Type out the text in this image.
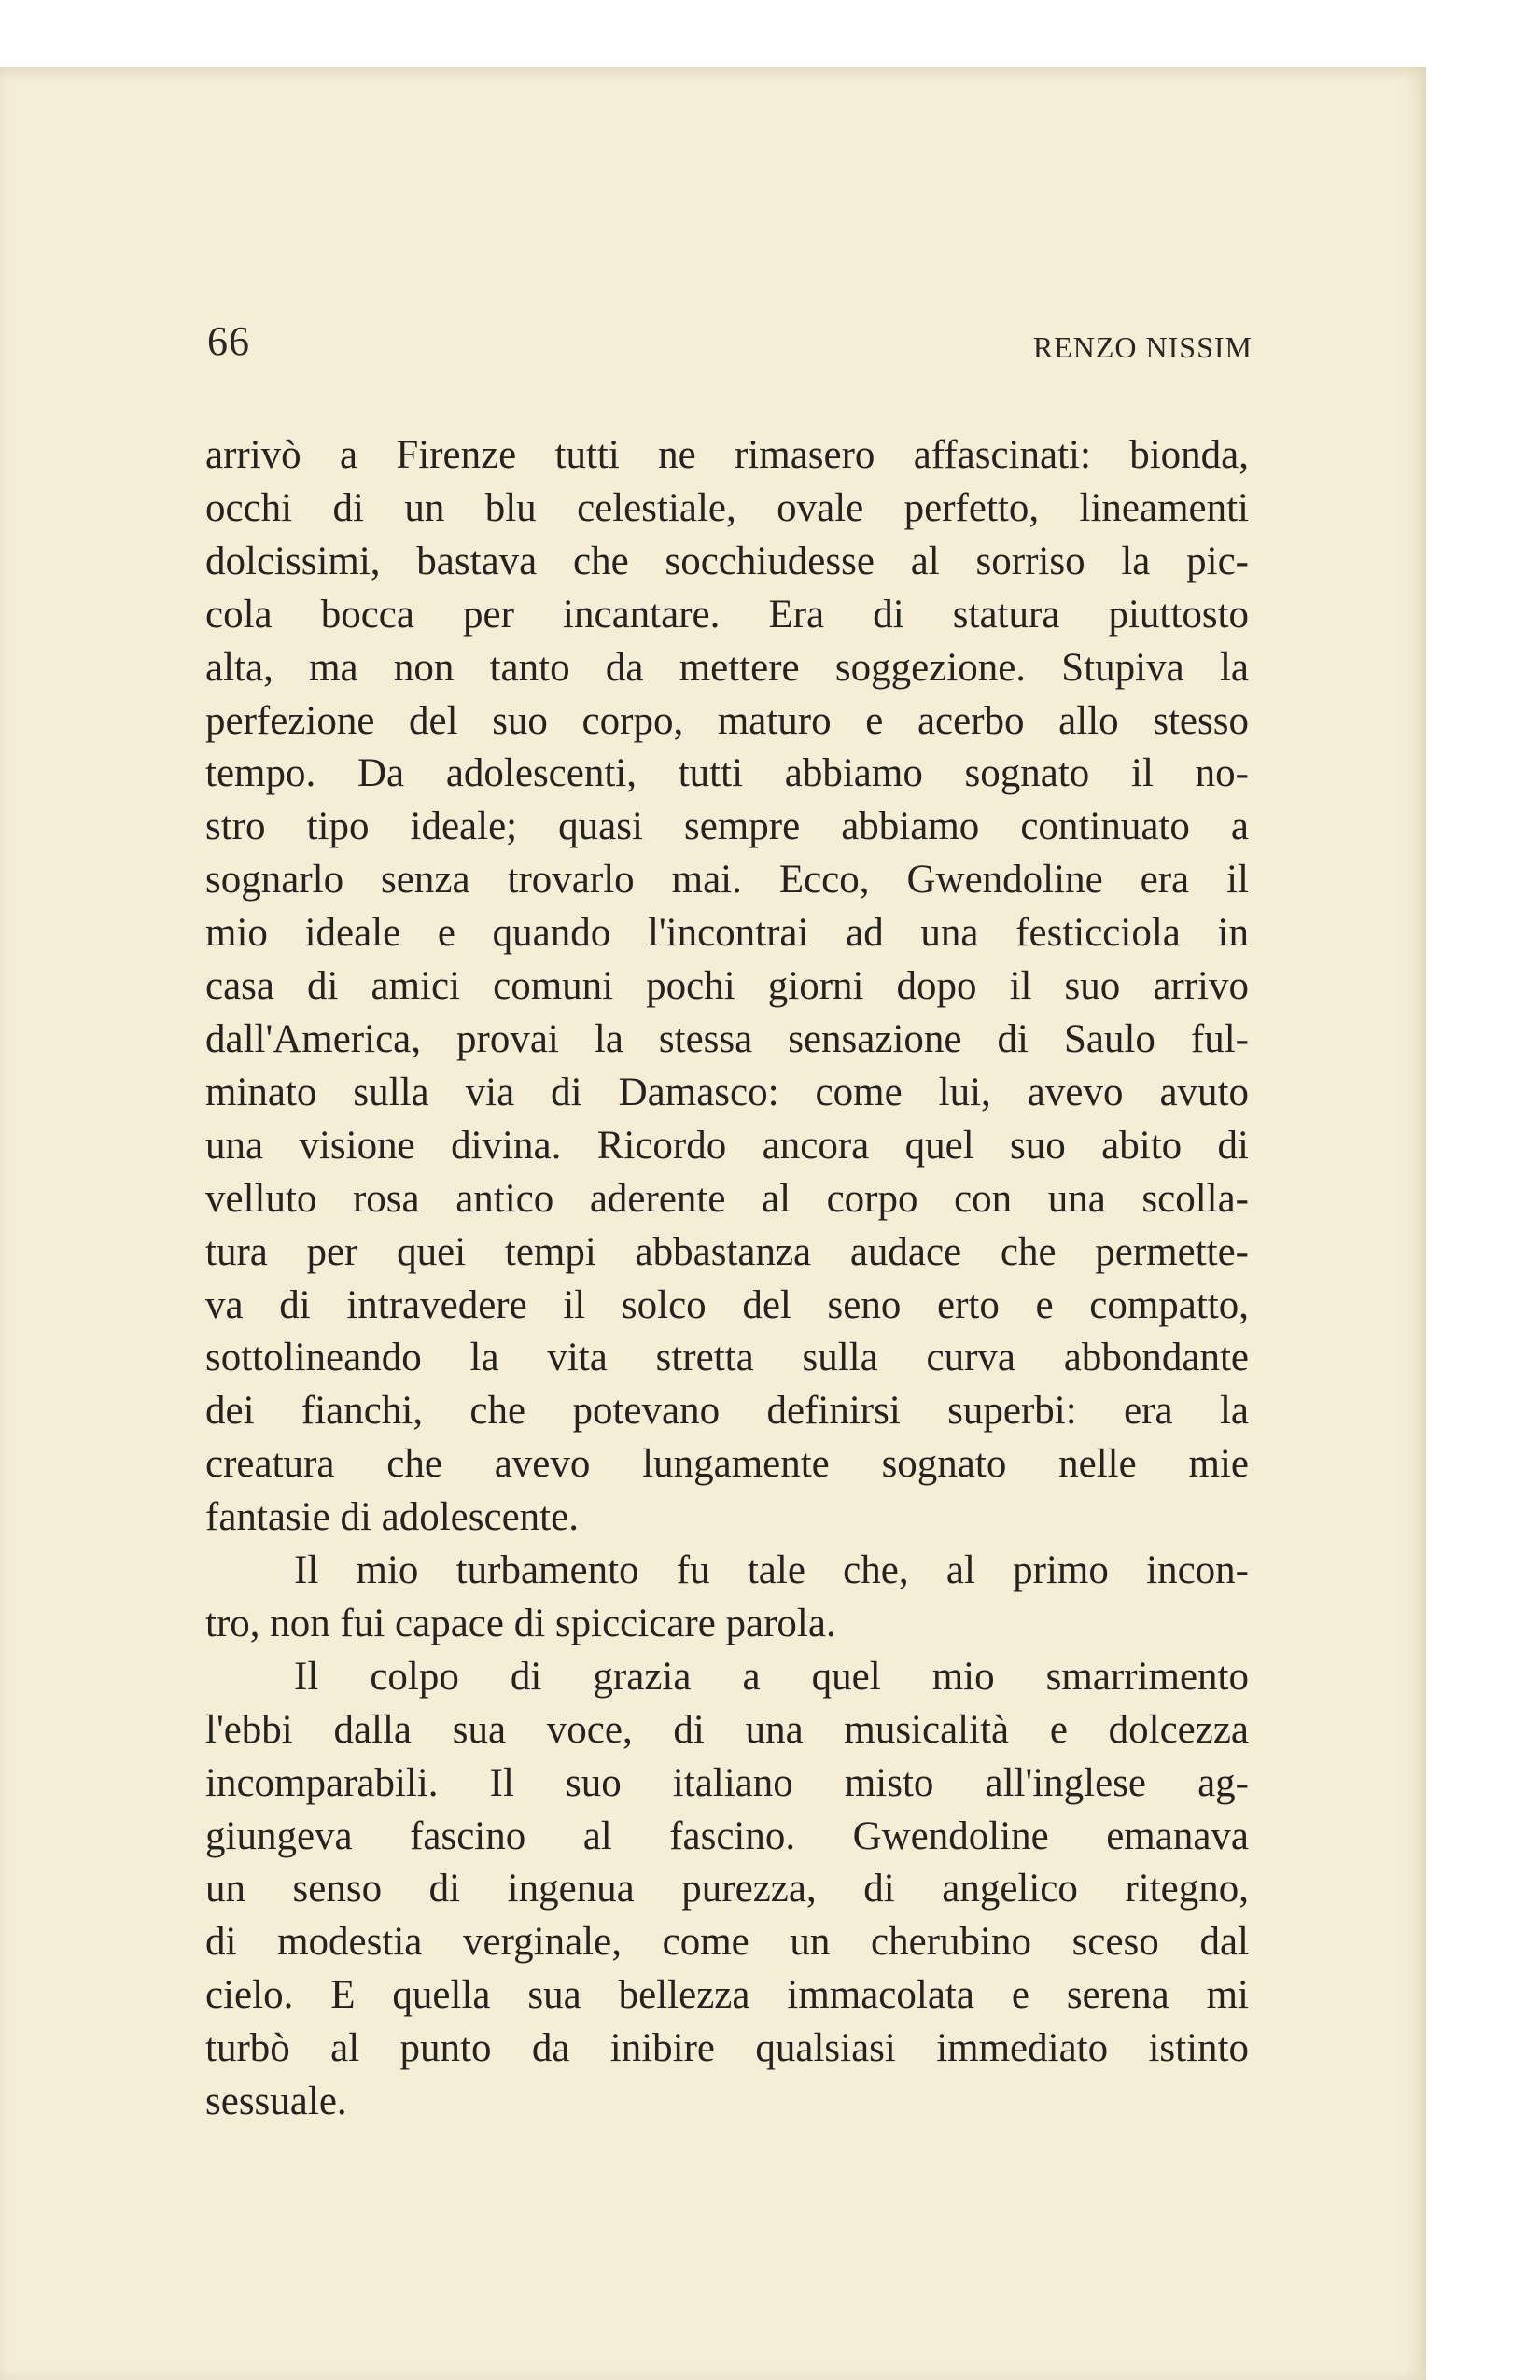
66	RENZO NISSIM
arrivò a Firenze tutti ne rimasero affascinati: bionda,
occhi di un blu celestiale, ovale perfetto, lineamenti
dolcissimi, bastava che socchiudesse al sorriso la pic-
cola bocca per incantare. Era di statura piuttosto
alta, ma non tanto da mettere soggezione. Stupiva la
perfezione del suo corpo, maturo e acerbo allo stesso
tempo. Da adolescenti, tutti abbiamo sognato il no-
stro tipo ideale; quasi sempre abbiamo continuato a
sognarlo senza trovarlo mai. Ecco, Gwendoline era il
mio ideale e quando l'incontrai ad una festicciola in
casa di amici comuni pochi giorni dopo il suo arrivo
dall'America, provai la stessa sensazione di Saulo ful-
minato sulla via di Damasco: come lui, avevo avuto
una visione divina. Ricordo ancora quel suo abito di
velluto rosa antico aderente al corpo con una scolla-
tura per quei tempi abbastanza audace che permette-
va di intravedere il solco del seno erto e compatto,
sottolineando la vita stretta sulla curva abbondante
dei fianchi, che potevano definirsi superbi: era la
creatura che avevo lungamente sognato nelle mie
fantasie di adolescente.
Il mio turbamento fu tale che, al primo incon-
tro, non fui capace di spiccicare parola.
Il colpo di grazia a quel mio smarrimento
l'ebbi dalla sua voce, di una musicalità e dolcezza
incomparabili. Il suo italiano misto all'inglese ag-
giungeva fascino al fascino. Gwendoline emanava
un senso di ingenua purezza, di angelico ritegno,
di modestia verginale, come un cherubino sceso dal
cielo. E quella sua bellezza immacolata e serena mi
turbò al punto da inibire qualsiasi immediato istinto
sessuale.
